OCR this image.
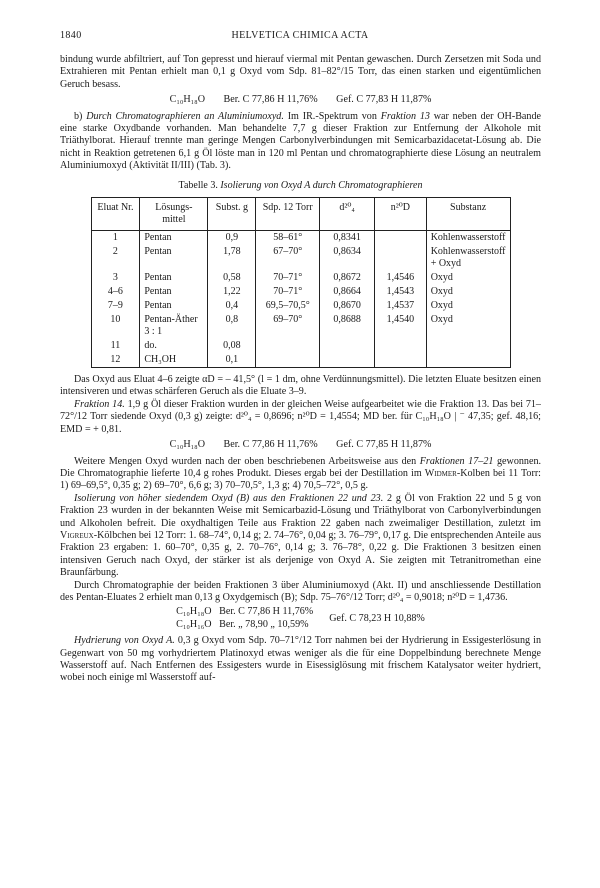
1840	HELVETICA CHIMICA ACTA

bindung wurde abfiltriert, auf Ton gepresst und hierauf viermal mit Pentan gewaschen. Durch Zersetzen mit Soda und Extrahieren mit Pentan erhielt man 0,1 g Oxyd vom Sdp. 81–82°/15 Torr, das einen starken und eigentümlichen Geruch besass.

C₁₀H₁₈O Ber. C 77,86 H 11,76% Gef. C 77,83 H 11,87%

b) Durch Chromatographieren an Aluminiumoxyd. Im IR.-Spektrum von Fraktion 13 war neben der OH-Bande eine starke Oxydbande vorhanden. Man behandelte 7,7 g dieser Fraktion zur Entfernung der Alkohole mit Triäthylborat. Hierauf trennte man geringe Mengen Carbonylverbindungen mit Semicarbazidacetat-Lösung ab. Die nicht in Reaktion getretenen 6,1 g Öl löste man in 120 ml Pentan und chromatographierte diese Lösung an neutralem Aluminiumoxyd (Aktivität II/III) (Tab. 3).

Tabelle 3. Isolierung von Oxyd A durch Chromatographieren
Eluat Nr.	Lösungs-mittel	Subst. g	Sdp. 12 Torr	d²⁰₄	n²⁰D	Substanz
1	Pentan	0,9	58–61°	0,8341		Kohlenwasserstoff
2	Pentan	1,78	67–70°	0,8634		Kohlenwasserstoff + Oxyd
3	Pentan	0,58	70–71°	0,8672	1,4546	Oxyd
4–6	Pentan	1,22	70–71°	0,8664	1,4543	Oxyd
7–9	Pentan	0,4	69,5–70,5°	0,8670	1,4537	Oxyd
10	Pentan-Äther 3 : 1	0,8	69–70°	0,8688	1,4540	Oxyd
11	do.	0,08				
12	CH₃OH	0,1				

Das Oxyd aus Eluat 4–6 zeigte αD = – 41,5° (l = 1 dm, ohne Verdünnungsmittel). Die letzten Eluate besitzen einen intensiveren und etwas schärferen Geruch als die Eluate 3–9.

Fraktion 14. 1,9 g Öl dieser Fraktion wurden in der gleichen Weise aufgearbeitet wie die Fraktion 13. Das bei 71–72°/12 Torr siedende Oxyd (0,3 g) zeigte: d²⁰₄ = 0,8696; n²⁰D = 1,4554; MD ber. für C₁₀H₁₈O | ⁻ 47,35; gef. 48,16; EMD = + 0,81.

C₁₀H₁₈O Ber. C 77,86 H 11,76% Gef. C 77,85 H 11,87%

Weitere Mengen Oxyd wurden nach der oben beschriebenen Arbeitsweise aus den Fraktionen 17–21 gewonnen. Die Chromatographie lieferte 10,4 g rohes Produkt. Dieses ergab bei der Destillation im Widmer-Kolben bei 11 Torr: 1) 69–69,5°, 0,35 g; 2) 69–70°, 6,6 g; 3) 70–70,5°, 1,3 g; 4) 70,5–72°, 0,5 g.

Isolierung von höher siedendem Oxyd (B) aus den Fraktionen 22 und 23. 2 g Öl von Fraktion 22 und 5 g von Fraktion 23 wurden in der bekannten Weise mit Semicarbazid-Lösung und Triäthylborat von Carbonylverbindungen und Alkoholen befreit. Die oxydhaltigen Teile aus Fraktion 22 gaben nach zweimaliger Destillation, zuletzt im Vigreux-Kölbchen bei 12 Torr: 1. 68–74°, 0,14 g; 2. 74–76°, 0,04 g; 3. 76–79°, 0,17 g. Die entsprechenden Anteile aus Fraktion 23 ergaben: 1. 60–70°, 0,35 g, 2. 70–76°, 0,14 g; 3. 76–78°, 0,22 g. Die Fraktionen 3 besitzen einen intensiven Geruch nach Oxyd, der stärker ist als derjenige von Oxyd A. Sie zeigten mit Tetranitromethan eine Braunfärbung.

Durch Chromatographie der beiden Fraktionen 3 über Aluminiumoxyd (Akt. II) und anschliessende Destillation des Pentan-Eluates 2 erhielt man 0,13 g Oxydgemisch (B); Sdp. 75–76°/12 Torr; d²⁰₄ = 0,9018; n²⁰D = 1,4736.

C₁₀H₁₈O Ber. C 77,86 H 11,76%
C₁₀H₁₆O Ber. „ 78,90 „ 10,59%
Gef. C 78,23 H 10,88%

Hydrierung von Oxyd A. 0,3 g Oxyd vom Sdp. 70–71°/12 Torr nahmen bei der Hydrierung in Essigesterlösung in Gegenwart von 50 mg vorhydriertem Platinoxyd etwas weniger als die für eine Doppelbindung berechnete Menge Wasserstoff auf. Nach Entfernen des Essigesters wurde in Eisessiglösung mit frischem Katalysator weiter hydriert, wobei noch einige ml Wasserstoff auf-
